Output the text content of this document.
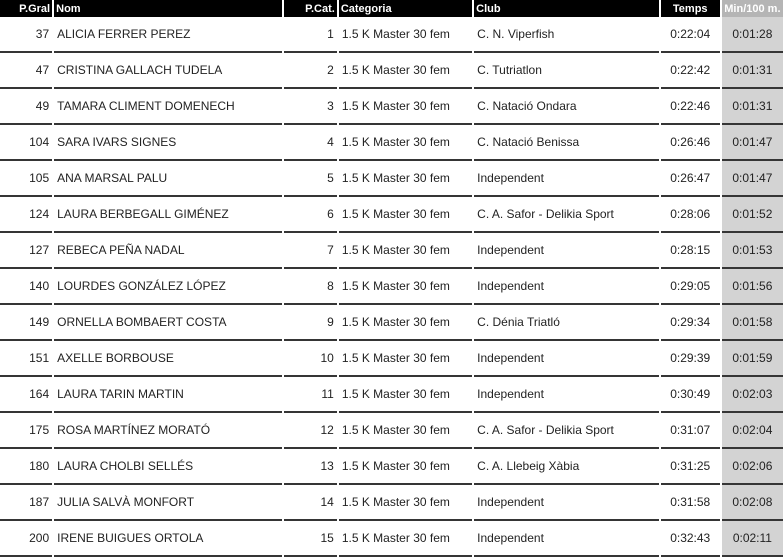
P.Gral	Nom	P.Cat.	Categoria	Club	Temps	Min/100 m.
37	ALICIA FERRER PEREZ	1	1.5 K Master 30 fem	C. N. Viperfish	0:22:04	0:01:28
47	CRISTINA GALLACH TUDELA	2	1.5 K Master 30 fem	C. Tutriatlon	0:22:42	0:01:31
49	TAMARA CLIMENT DOMENECH	3	1.5 K Master 30 fem	C. Natació Ondara	0:22:46	0:01:31
104	SARA IVARS SIGNES	4	1.5 K Master 30 fem	C. Natació Benissa	0:26:46	0:01:47
105	ANA MARSAL PALU	5	1.5 K Master 30 fem	Independent	0:26:47	0:01:47
124	LAURA BERBEGALL GIMÉNEZ	6	1.5 K Master 30 fem	C. A. Safor - Delikia Sport	0:28:06	0:01:52
127	REBECA PEÑA NADAL	7	1.5 K Master 30 fem	Independent	0:28:15	0:01:53
140	LOURDES GONZÁLEZ LÓPEZ	8	1.5 K Master 30 fem	Independent	0:29:05	0:01:56
149	ORNELLA BOMBAERT COSTA	9	1.5 K Master 30 fem	C. Dénia Triatló	0:29:34	0:01:58
151	AXELLE BORBOUSE	10	1.5 K Master 30 fem	Independent	0:29:39	0:01:59
164	LAURA TARIN MARTIN	11	1.5 K Master 30 fem	Independent	0:30:49	0:02:03
175	ROSA MARTÍNEZ MORATÓ	12	1.5 K Master 30 fem	C. A. Safor - Delikia Sport	0:31:07	0:02:04
180	LAURA CHOLBI SELLÉS	13	1.5 K Master 30 fem	C. A. Llebeig Xàbia	0:31:25	0:02:06
187	JULIA SALVÀ MONFORT	14	1.5 K Master 30 fem	Independent	0:31:58	0:02:08
200	IRENE BUIGUES ORTOLA	15	1.5 K Master 30 fem	Independent	0:32:43	0:02:11
